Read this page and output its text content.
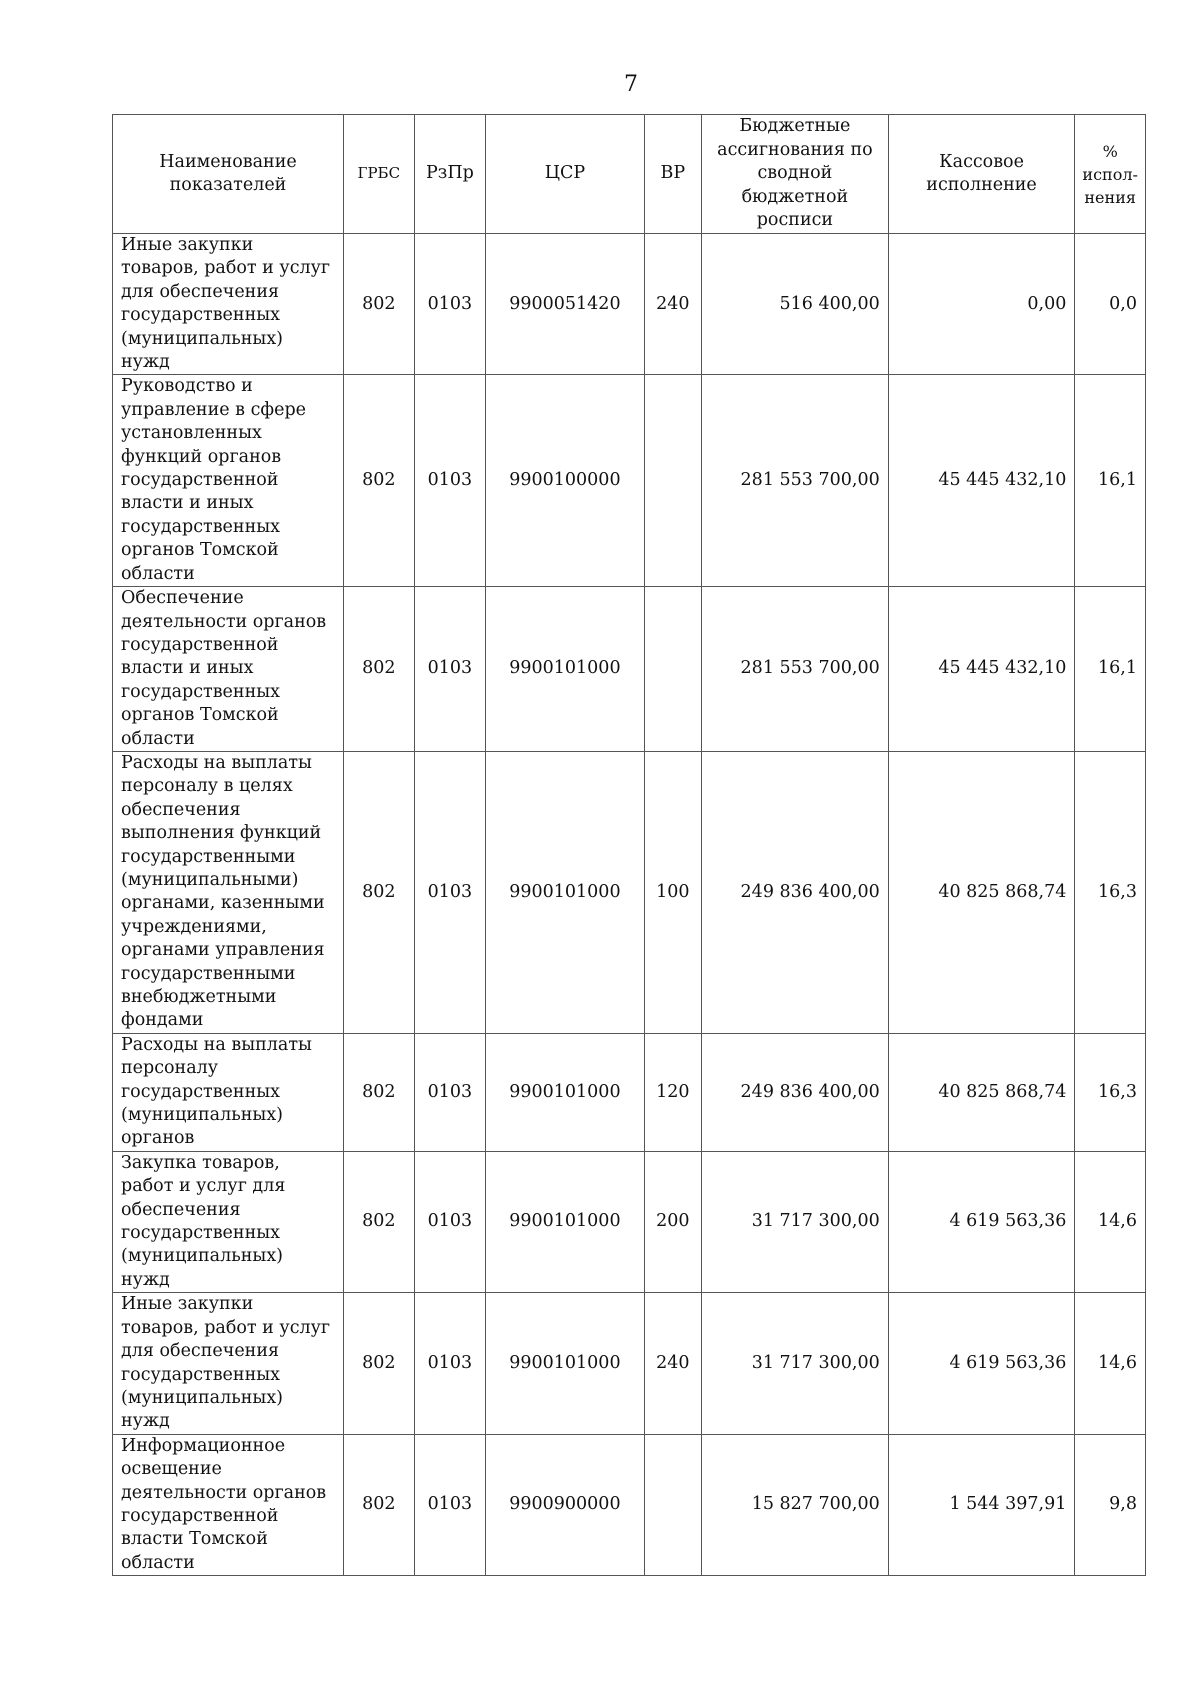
7
Наименование показателей	ГРБС	РзПр	ЦСР	ВР	Бюджетные ассигнования по сводной бюджетной росписи	Кассовое исполнение	% испол-нения
Иные закупки товаров, работ и услуг для обеспечения государственных (муниципальных) нужд	802	0103	9900051420	240	516 400,00	0,00	0,0
Руководство и управление в сфере установленных функций органов государственной власти и иных государственных органов Томской области	802	0103	9900100000		281 553 700,00	45 445 432,10	16,1
Обеспечение деятельности органов государственной власти и иных государственных органов Томской области	802	0103	9900101000		281 553 700,00	45 445 432,10	16,1
Расходы на выплаты персоналу в целях обеспечения выполнения функций государственными (муниципальными) органами, казенными учреждениями, органами управления государственными внебюджетными фондами	802	0103	9900101000	100	249 836 400,00	40 825 868,74	16,3
Расходы на выплаты персоналу государственных (муниципальных) органов	802	0103	9900101000	120	249 836 400,00	40 825 868,74	16,3
Закупка товаров, работ и услуг для обеспечения государственных (муниципальных) нужд	802	0103	9900101000	200	31 717 300,00	4 619 563,36	14,6
Иные закупки товаров, работ и услуг для обеспечения государственных (муниципальных) нужд	802	0103	9900101000	240	31 717 300,00	4 619 563,36	14,6
Информационное освещение деятельности органов государственной власти Томской области	802	0103	9900900000		15 827 700,00	1 544 397,91	9,8
